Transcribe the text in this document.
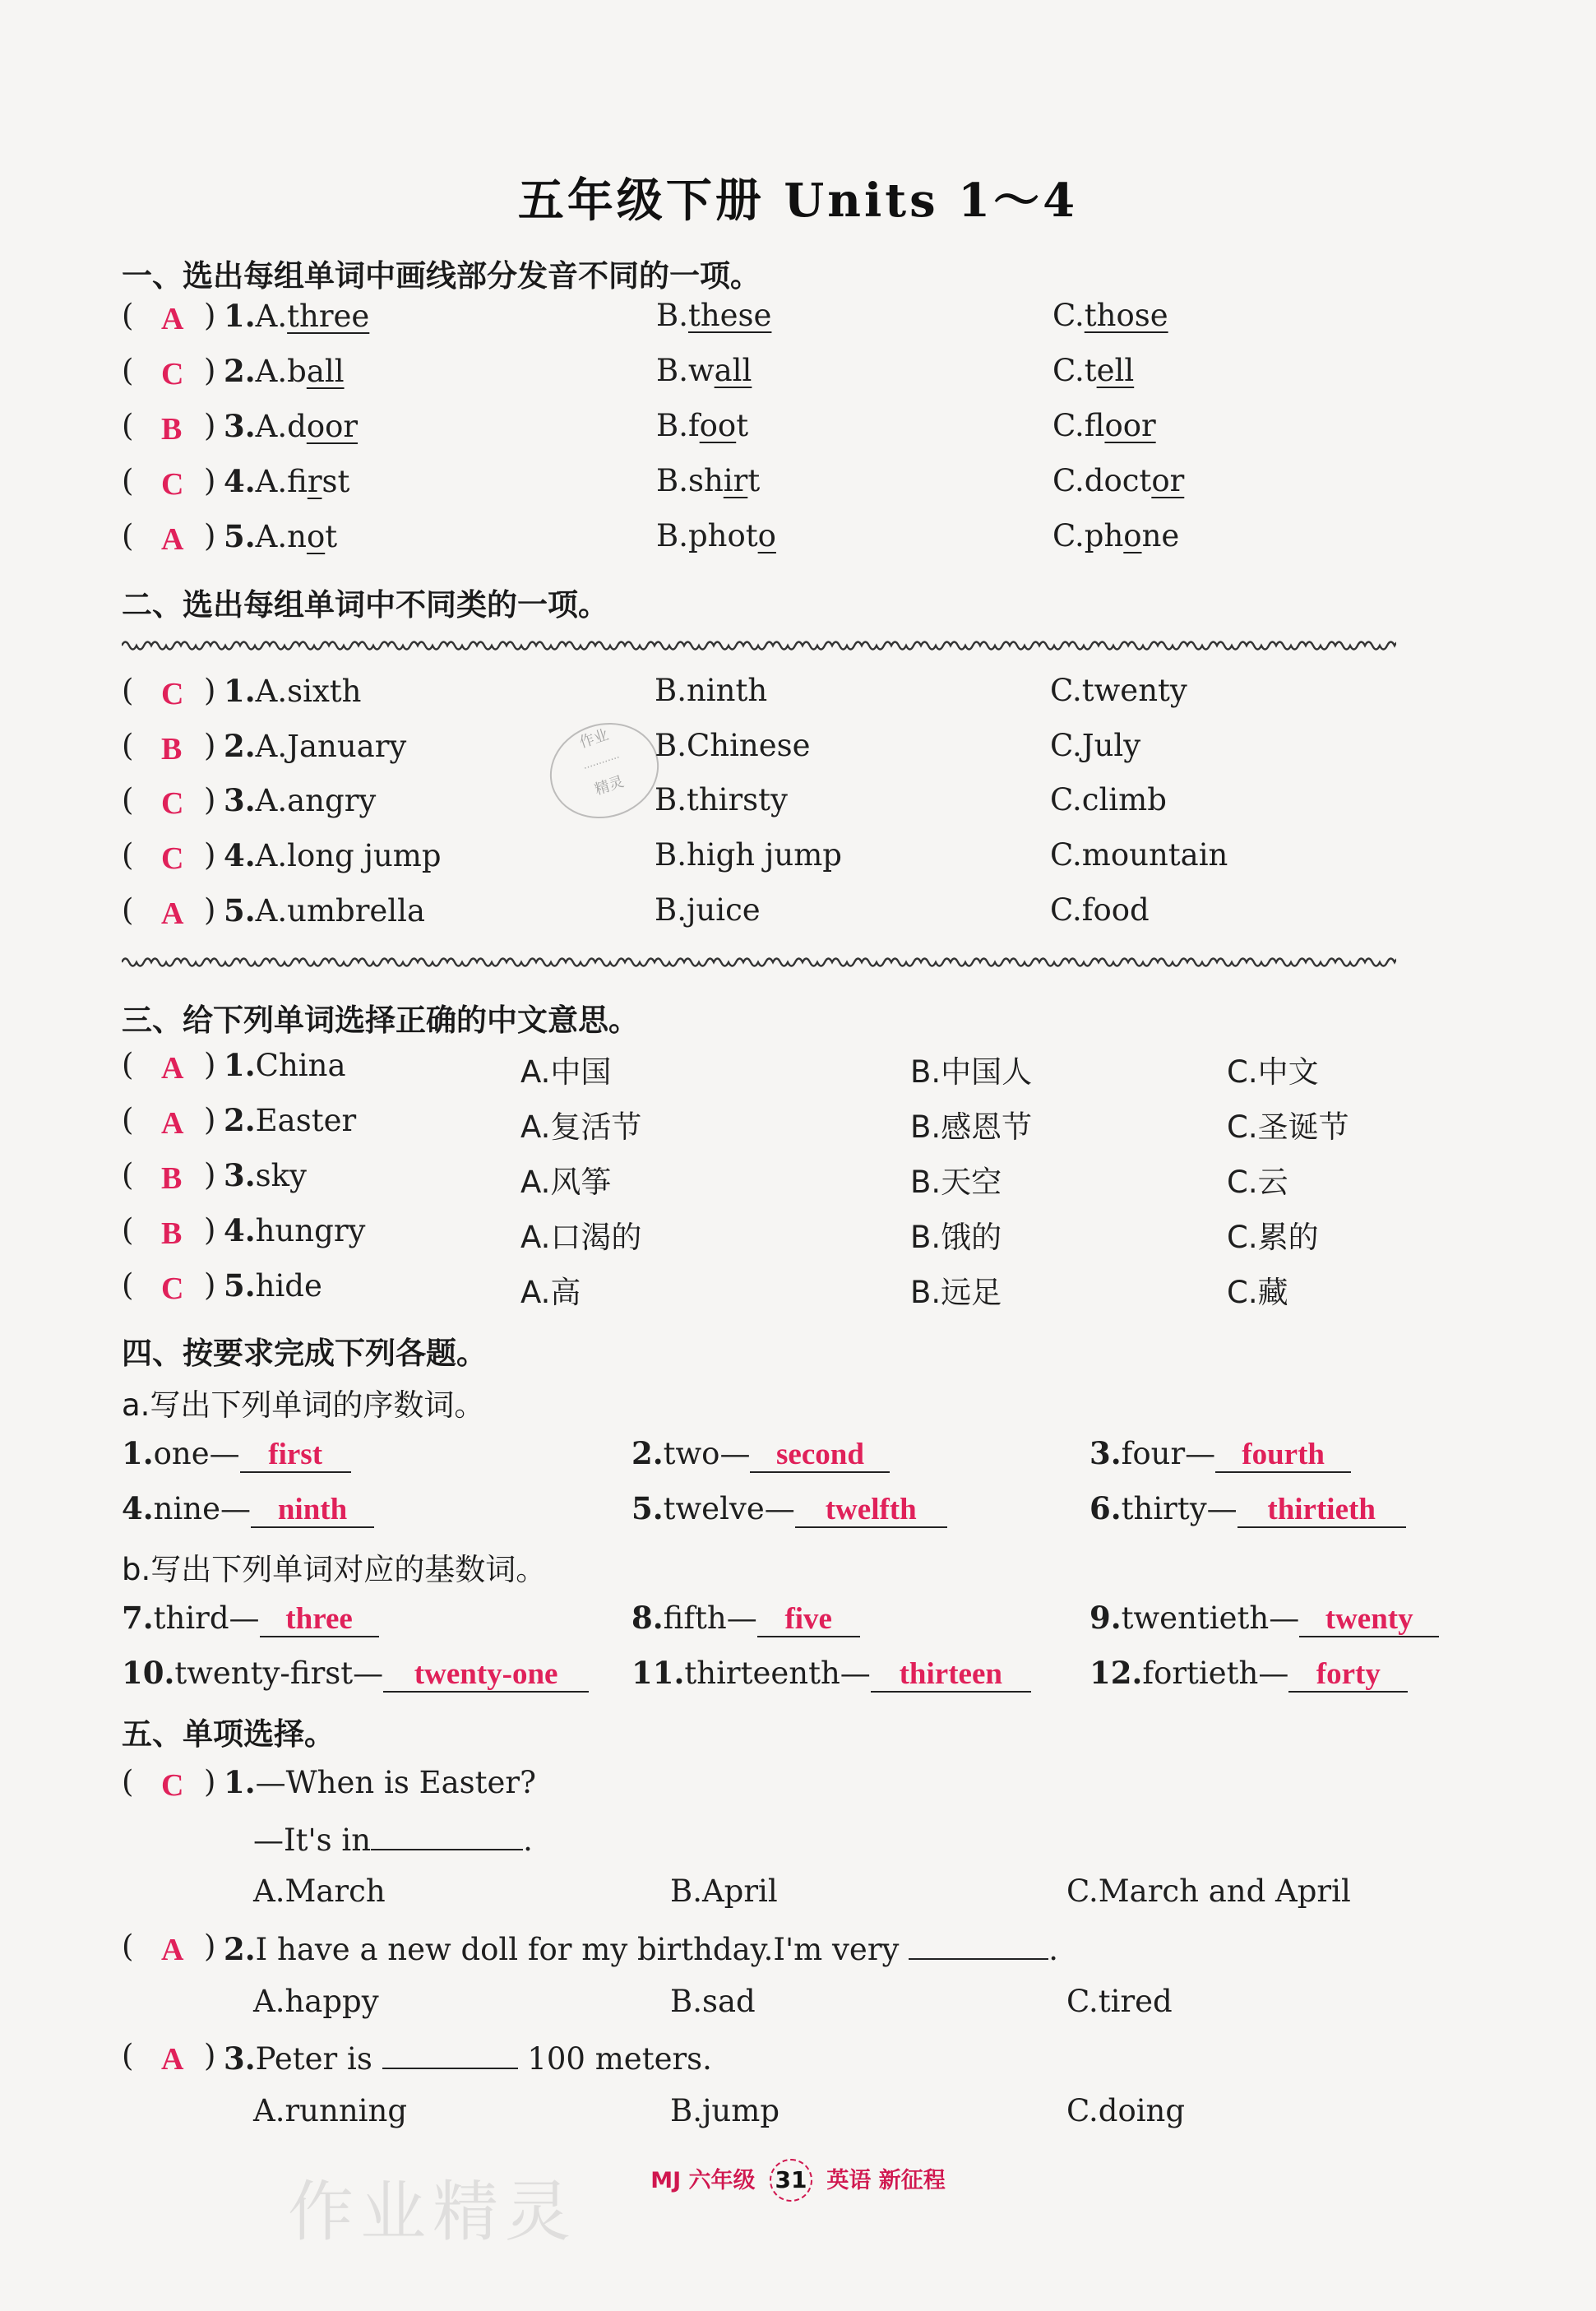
五年级下册 Units 1～4
一、选出每组单词中画线部分发音不同的一项。
( A ) 1.A.three	B.these	C.those
( C ) 2.A.ball	B.wall	C.tell
( B ) 3.A.door	B.foot	C.floor
( C ) 4.A.first	B.shirt	C.doctor
( A ) 5.A.not	B.photo	C.phone
二、选出每组单词中不同类的一项。
( C ) 1.A.sixth	B.ninth	C.twenty
( B ) 2.A.January	B.Chinese	C.July
( C ) 3.A.angry	B.thirsty	C.climb
( C ) 4.A.long jump	B.high jump	C.mountain
( A ) 5.A.umbrella	B.juice	C.food
作业
············
精灵
三、给下列单词选择正确的中文意思。
( A ) 1.China	A.中国	B.中国人	C.中文
( A ) 2.Easter	A.复活节	B.感恩节	C.圣诞节
( B ) 3.sky	A.风筝	B.天空	C.云
( B ) 4.hungry	A.口渴的	B.饿的	C.累的
( C ) 5.hide	A.高	B.远足	C.藏
四、按要求完成下列各题。
a.写出下列单词的序数词。
b.写出下列单词对应的基数词。
1.one— first	2.two— second	3.four— fourth
4.nine— ninth	5.twelve— twelfth	6.thirty— thirtieth
7.third— three	8.fifth— five	9.twentieth— twenty
10.twenty-first— twenty-one	11.thirteenth— thirteen	12.fortieth— forty
五、单项选择。
( C ) 1.—When is Easter?
—It's in	.
A.March	B.April	C.March and April
( A ) 2.I have a new doll for my birthday.I'm very	.
A.happy	B.sad	C.tired
( A ) 3.Peter is	100 meters.
A.running	B.jump	C.doing
作业精灵	MJ 六年级 31 英语 新征程
